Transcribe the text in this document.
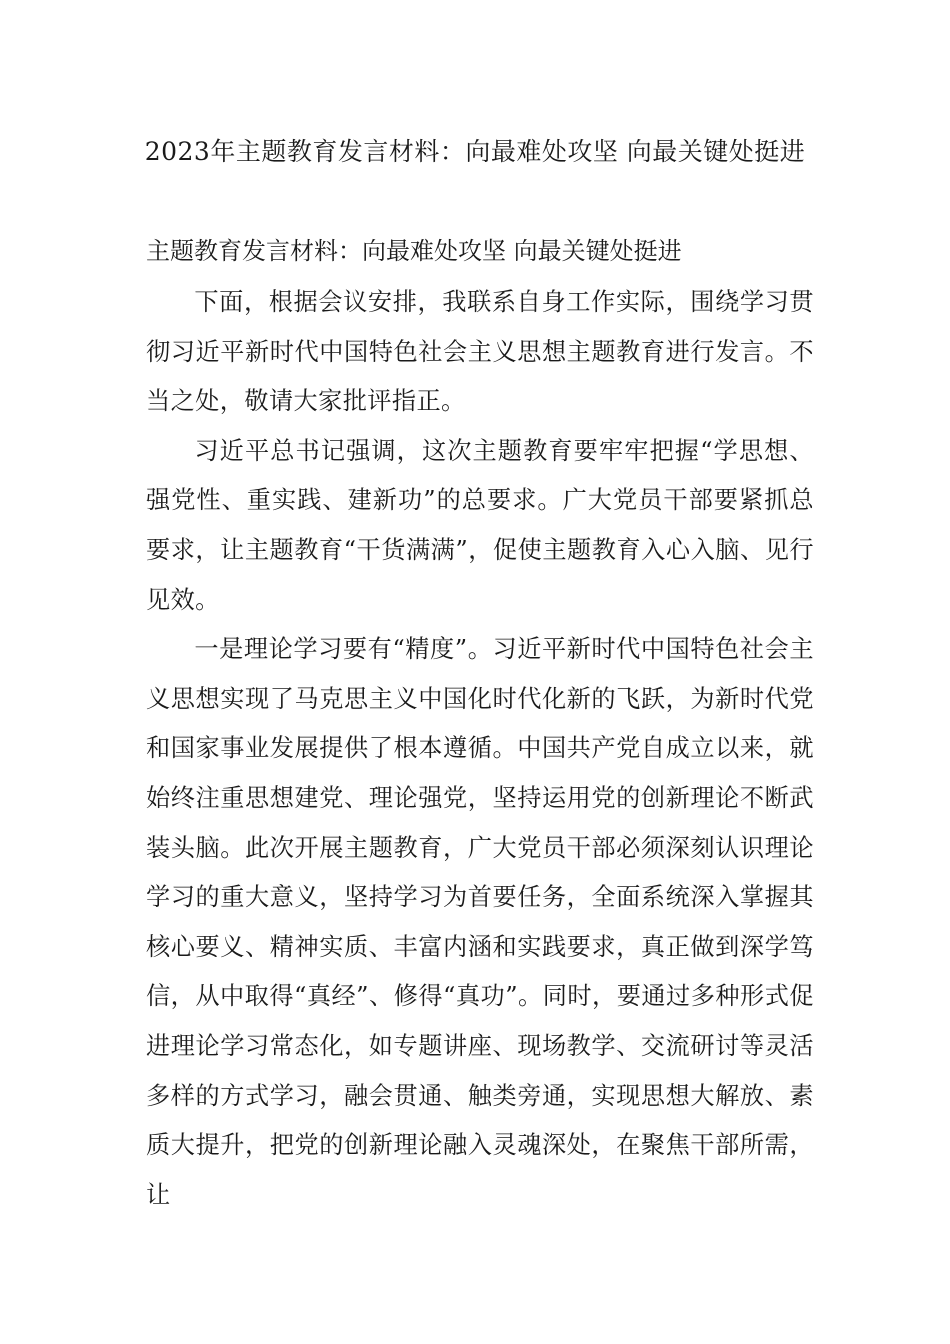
2023年主题教育发言材料：向最难处攻坚 向最关键处挺进

主题教育发言材料：向最难处攻坚 向最关键处挺进

下面，根据会议安排，我联系自身工作实际，围绕学习贯彻习近平新时代中国特色社会主义思想主题教育进行发言。不当之处，敬请大家批评指正。

习近平总书记强调，这次主题教育要牢牢把握“学思想、强党性、重实践、建新功”的总要求。广大党员干部要紧抓总要求，让主题教育“干货满满”，促使主题教育入心入脑、见行见效。

一是理论学习要有“精度”。习近平新时代中国特色社会主义思想实现了马克思主义中国化时代化新的飞跃，为新时代党和国家事业发展提供了根本遵循。中国共产党自成立以来，就始终注重思想建党、理论强党，坚持运用党的创新理论不断武装头脑。此次开展主题教育，广大党员干部必须深刻认识理论学习的重大意义，坚持学习为首要任务，全面系统深入掌握其核心要义、精神实质、丰富内涵和实践要求，真正做到深学笃信，从中取得“真经”、修得“真功”。同时，要通过多种形式促进理论学习常态化，如专题讲座、现场教学、交流研讨等灵活多样的方式学习，融会贯通、触类旁通，实现思想大解放、素质大提升，把党的创新理论融入灵魂深处，在聚焦干部所需，让
